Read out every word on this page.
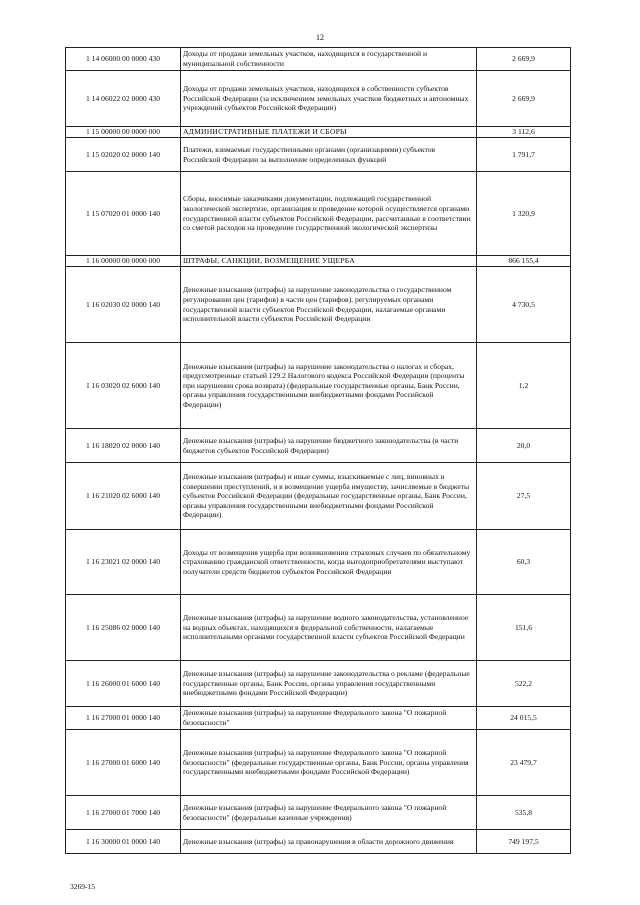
12
1 14 06000 00 0000 430	Доходы от продажи земельных участков, находящихся в государственной и муниципальной собственности	2 669,9
1 14 06022 02 0000 430	Доходы от продажи земельных участков, находящихся в собственности субъектов Российской Федерации (за исключением земельных участков бюджетных и автономных учреждений субъектов Российской Федерации)	2 669,9
1 15 00000 00 0000 000	АДМИНИСТРАТИВНЫЕ ПЛАТЕЖИ И СБОРЫ	3 112,6
1 15 02020 02 0000 140	Платежи, взимаемые государственными органами (организациями) субъектов Российской Федерации за выполнение определенных функций	1 791,7
1 15 07020 01 0000 140	Сборы, вносимые заказчиками документации, подлежащей государственной экологической экспертизе, организация и проведение которой осуществляется органами государственной власти субъектов Российской Федерации, рассчитанные в соответствии со сметой расходов на проведение государственной экологической экспертизы	1 320,9
1 16 00000 00 0000 000	ШТРАФЫ, САНКЦИИ, ВОЗМЕЩЕНИЕ УЩЕРБА	866 155,4
1 16 02030 02 0000 140	Денежные взыскания (штрафы) за нарушение законодательства о государственном регулировании цен (тарифов) в части цен (тарифов), регулируемых органами государственной власти субъектов Российской Федерации, налагаемые органами исполнительной власти субъектов Российской Федерации	4 730,5
1 16 03020 02 6000 140	Денежные взыскания (штрафы) за нарушение законодательства о налогах и сборах, предусмотренные статьей 129.2 Налогового кодекса Российской Федерации (проценты при нарушении срока возврата) (федеральные государственные органы, Банк России, органы управления государственными внебюджетными фондами Российской Федерации)	1,2
1 16 18020 02 0000 140	Денежные взыскания (штрафы) за нарушение бюджетного законодательства (в части бюджетов субъектов Российской Федерации)	20,0
1 16 21020 02 6000 140	Денежные взыскания (штрафы) и иные суммы, взыскиваемые с лиц, виновных в совершении преступлений, и в возмещение ущерба имуществу, зачисляемые в бюджеты субъектов Российской Федерации (федеральные государственные органы, Банк России, органы управления государственными внебюджетными фондами Российской Федерации)	27,5
1 16 23021 02 0000 140	Доходы от возмещения ущерба при возникновении страховых случаев по обязательному страхованию гражданской ответственности, когда выгодоприобретателями выступают получатели средств бюджетов субъектов Российской Федерации	60,3
1 16 25086 02 0000 140	Денежные взыскания (штрафы) за нарушение водного законодательства, установленное на водных объектах, находящихся в федеральной собственности, налагаемые исполнительными органами государственной власти субъектов Российской Федерации	151,6
1 16 26000 01 6000 140	Денежные взыскания (штрафы) за нарушение законодательства о рекламе (федеральные государственные органы, Банк России, органы управления государственными внебюджетными фондами Российской Федерации)	522,2
1 16 27000 01 0000 140	Денежные взыскания (штрафы) за нарушение Федерального закона "О пожарной безопасности"	24 015,5
1 16 27000 01 6000 140	Денежные взыскания (штрафы) за нарушение Федерального закона "О пожарной безопасности" (федеральные государственные органы, Банк России, органы управления государственными внебюджетными фондами Российской Федерации)	23 479,7
1 16 27000 01 7000 140	Денежные взыскания (штрафы) за нарушение Федерального закона "О пожарной безопасности" (федеральные казенные учреждения)	535,8
1 16 30000 01 0000 140	Денежные взыскания (штрафы) за правонарушения в области дорожного движения	749 197,5
3269-15
